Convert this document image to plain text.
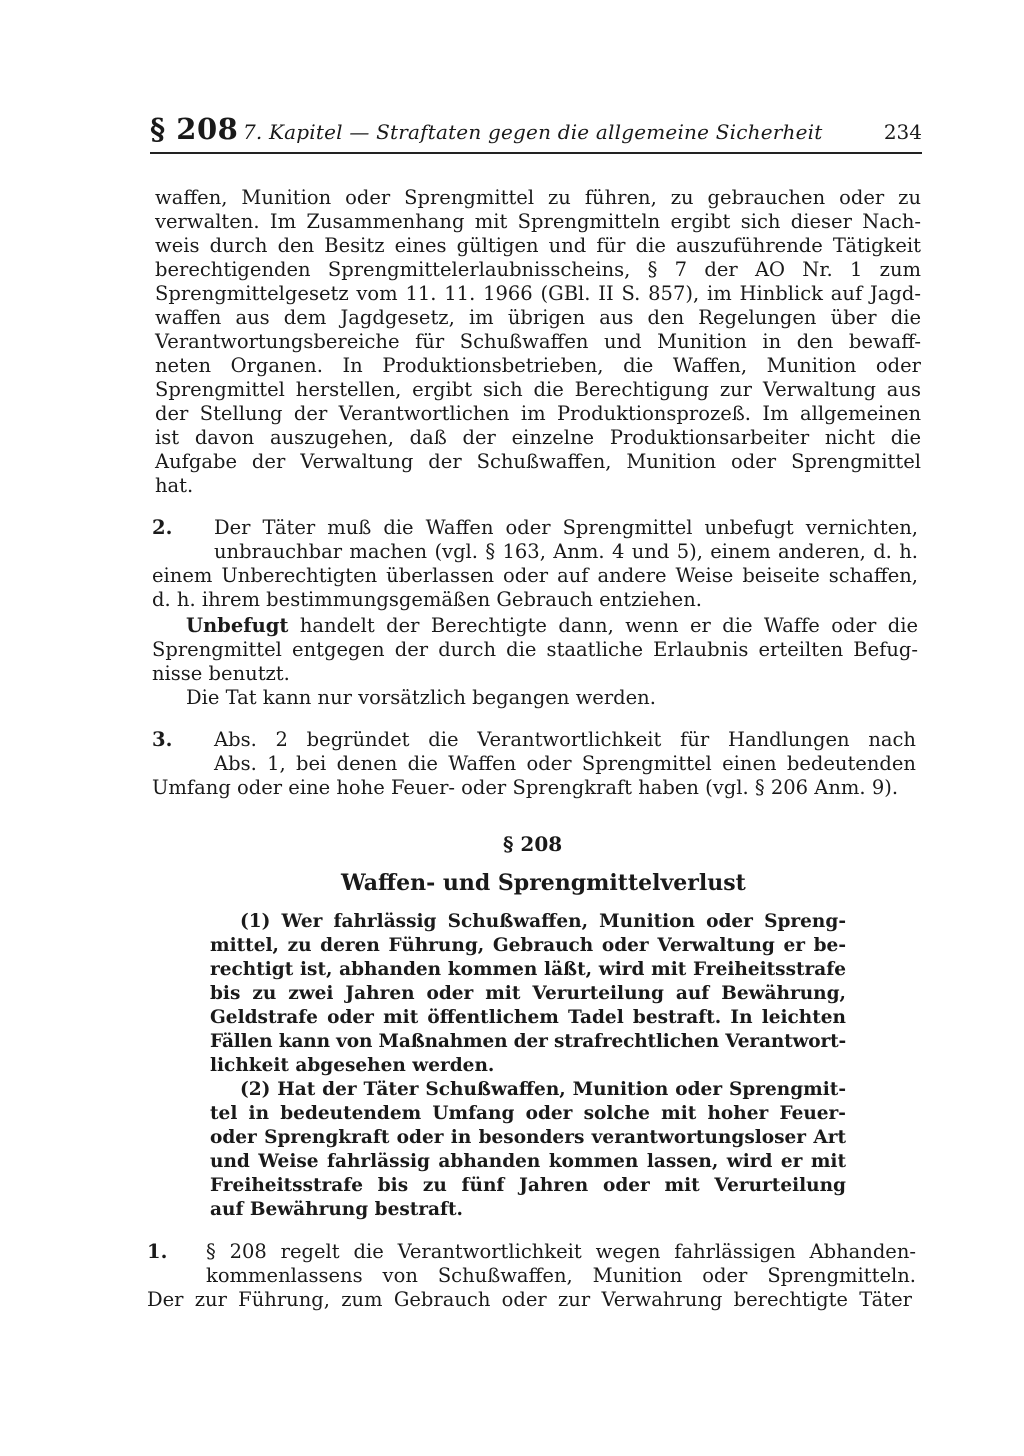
§ 208 7. Kapitel — Straftaten gegen die allgemeine Sicherheit	234
waffen, Munition oder Sprengmittel zu führen, zu gebrauchen oder zu
verwalten. Im Zusammenhang mit Sprengmitteln ergibt sich dieser Nach-
weis durch den Besitz eines gültigen und für die auszuführende Tätigkeit
berechtigenden Sprengmittelerlaubnisscheins, § 7 der AO Nr. 1 zum
Sprengmittelgesetz vom 11. 11. 1966 (GBl. II S. 857), im Hinblick auf Jagd-
waffen aus dem Jagdgesetz, im übrigen aus den Regelungen über die
Verantwortungsbereiche für Schußwaffen und Munition in den bewaff-
neten Organen. In Produktionsbetrieben, die Waffen, Munition oder
Sprengmittel herstellen, ergibt sich die Berechtigung zur Verwaltung aus
der Stellung der Verantwortlichen im Produktionsprozeß. Im allgemeinen
ist davon auszugehen, daß der einzelne Produktionsarbeiter nicht die
Aufgabe der Verwaltung der Schußwaffen, Munition oder Sprengmittel
hat.
2. Der Täter muß die Waffen oder Sprengmittel unbefugt vernichten,
unbrauchbar machen (vgl. § 163, Anm. 4 und 5), einem anderen, d. h.
einem Unberechtigten überlassen oder auf andere Weise beiseite schaffen,
d. h. ihrem bestimmungsgemäßen Gebrauch entziehen.
Unbefugt handelt der Berechtigte dann, wenn er die Waffe oder die
Sprengmittel entgegen der durch die staatliche Erlaubnis erteilten Befug-
nisse benutzt.
Die Tat kann nur vorsätzlich begangen werden.
3. Abs. 2 begründet die Verantwortlichkeit für Handlungen nach
Abs. 1, bei denen die Waffen oder Sprengmittel einen bedeutenden
Umfang oder eine hohe Feuer- oder Sprengkraft haben (vgl. § 206 Anm. 9).
§ 208
Waffen- und Sprengmittelverlust
(1) Wer fahrlässig Schußwaffen, Munition oder Spreng-
mittel, zu deren Führung, Gebrauch oder Verwaltung er be-
rechtigt ist, abhanden kommen läßt, wird mit Freiheitsstrafe
bis zu zwei Jahren oder mit Verurteilung auf Bewährung,
Geldstrafe oder mit öffentlichem Tadel bestraft. In leichten
Fällen kann von Maßnahmen der strafrechtlichen Verantwort-
lichkeit abgesehen werden.
(2) Hat der Täter Schußwaffen, Munition oder Sprengmit-
tel in bedeutendem Umfang oder solche mit hoher Feuer-
oder Sprengkraft oder in besonders verantwortungsloser Art
und Weise fahrlässig abhanden kommen lassen, wird er mit
Freiheitsstrafe bis zu fünf Jahren oder mit Verurteilung
auf Bewährung bestraft.
1. § 208 regelt die Verantwortlichkeit wegen fahrlässigen Abhanden-
kommenlassens von Schußwaffen, Munition oder Sprengmitteln.
Der zur Führung, zum Gebrauch oder zur Verwahrung berechtigte Täter
